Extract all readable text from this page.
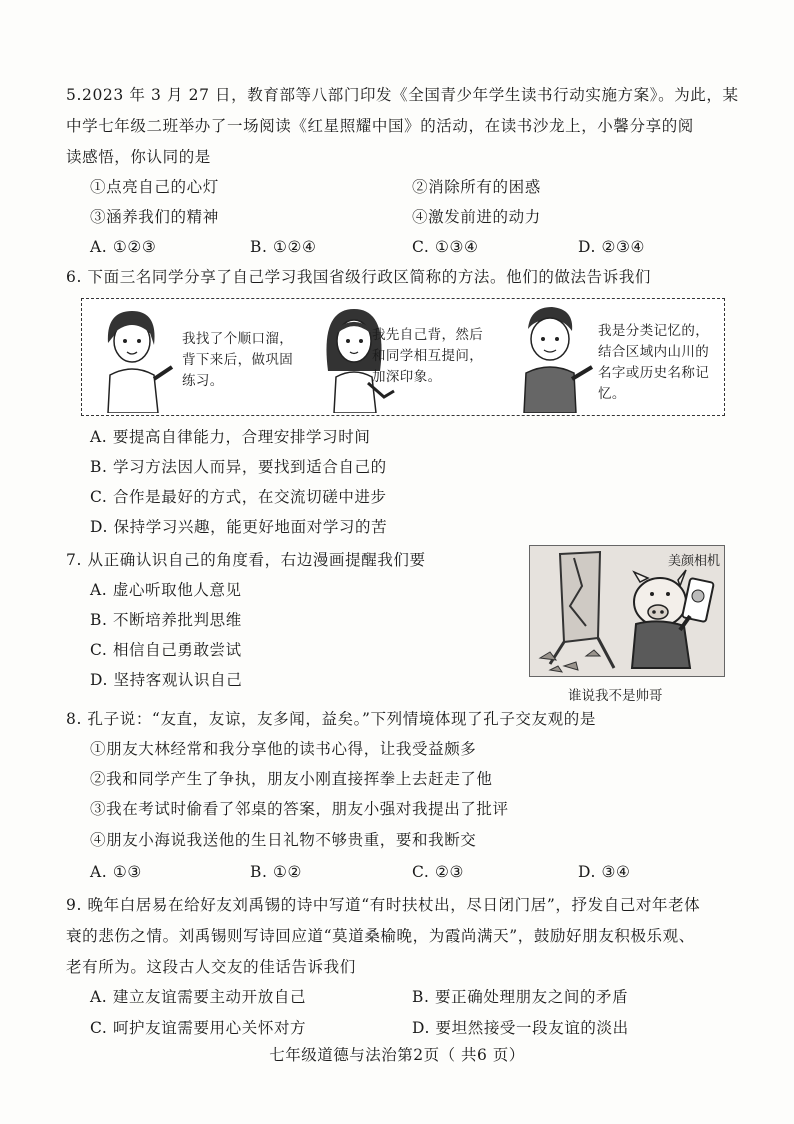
5.2023 年 3 月 27 日，教育部等八部门印发《全国青少年学生读书行动实施方案》。为此，某
中学七年级二班举办了一场阅读《红星照耀中国》的活动，在读书沙龙上，小馨分享的阅
读感悟，你认同的是
①点亮自己的心灯	②消除所有的困惑
③涵养我们的精神	④激发前进的动力
A. ①②③	B. ①②④	C. ①③④	D. ②③④
6. 下面三名同学分享了自己学习我国省级行政区简称的方法。他们的做法告诉我们
我找了个顺口溜，背下来后，做巩固练习。
我先自己背，然后和同学相互提问，加深印象。
我是分类记忆的，结合区域内山川的名字或历史名称记忆。
A. 要提高自律能力，合理安排学习时间
B. 学习方法因人而异，要找到适合自己的
C. 合作是最好的方式，在交流切磋中进步
D. 保持学习兴趣，能更好地面对学习的苦
7. 从正确认识自己的角度看，右边漫画提醒我们要
A. 虚心听取他人意见
B. 不断培养批判思维
C. 相信自己勇敢尝试
D. 坚持客观认识自己
美颜相机
谁说我不是帅哥
8. 孔子说：“友直，友谅，友多闻，益矣。”下列情境体现了孔子交友观的是
①朋友大林经常和我分享他的读书心得，让我受益颇多
②我和同学产生了争执，朋友小刚直接挥拳上去赶走了他
③我在考试时偷看了邻桌的答案，朋友小强对我提出了批评
④朋友小海说我送他的生日礼物不够贵重，要和我断交
A. ①③	B. ①②	C. ②③	D. ③④
9. 晚年白居易在给好友刘禹锡的诗中写道“有时扶杖出，尽日闭门居”，抒发自己对年老体
衰的悲伤之情。刘禹锡则写诗回应道“莫道桑榆晚，为霞尚满天”，鼓励好朋友积极乐观、
老有所为。这段古人交友的佳话告诉我们
A. 建立友谊需要主动开放自己	B. 要正确处理朋友之间的矛盾
C. 呵护友谊需要用心关怀对方	D. 要坦然接受一段友谊的淡出
七年级道德与法治第2页（ 共6 页）
